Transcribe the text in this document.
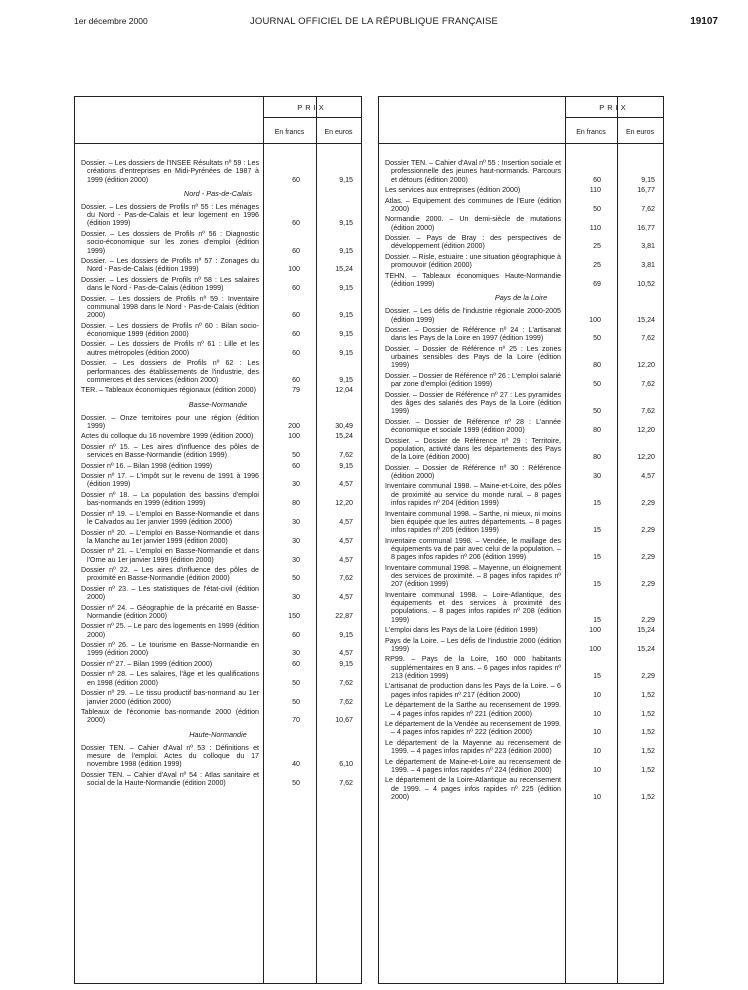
1er décembre 2000	JOURNAL OFFICIEL DE LA RÉPUBLIQUE FRANÇAISE	19107
PRIX
En francs	En euros
Dossier. – Les dossiers de l'INSEE Résultats nº 59 : Les créations d'entreprises en Midi-Pyrénées de 1987 à 1999 (édition 2000)	60	9,15
Nord - Pas-de-Calais
Dossier. – Les dossiers de Profils nº 55 : Les ménages du Nord - Pas-de-Calais et leur logement en 1996 (édition 1999)	60	9,15
Dossier. – Les dossiers de Profils nº 56 : Diagnostic socio-économique sur les zones d'emploi (édition 1999)	60	9,15
Dossier. – Les dossiers de Profils nº 57 : Zonages du Nord - Pas-de-Calais (édition 1999)	100	15,24
Dossier. – Les dossiers de Profils nº 58 : Les salaires dans le Nord - Pas-de-Calais (édition 1999)	60	9,15
Dossier. – Les dossiers de Profils nº 59 : Inventaire communal 1998 dans le Nord - Pas-de-Calais (édition 2000)	60	9,15
Dossier. – Les dossiers de Profils nº 60 : Bilan socio-économique 1999 (édition 2000)	60	9,15
Dossier. – Les dossiers de Profils nº 61 : Lille et les autres métropoles (édition 2000)	60	9,15
Dossier. – Les dossiers de Profils nº 62 : Les performances des établissements de l'industrie, des commerces et des services (édition 2000)	60	9,15
TER. – Tableaux économiques régionaux (édition 2000)	79	12,04
Basse-Normandie
Dossier. – Onze territoires pour une région (édition 1999)	200	30,49
Actes du colloque du 16 novembre 1999 (édition 2000)	100	15,24
Dossier nº 15. – Les aires d'influence des pôles de services en Basse-Normandie (édition 1999)	50	7,62
Dossier nº 16. – Bilan 1998 (édition 1999)	60	9,15
Dossier nº 17. – L'impôt sur le revenu de 1991 à 1996 (édition 1999)	30	4,57
Dossier nº 18. – La population des bassins d'emploi bas-normands en 1999 (édition 1999)	80	12,20
Dossier nº 19. – L'emploi en Basse-Normandie et dans le Calvados au 1er janvier 1999 (édition 2000)	30	4,57
Dossier nº 20. – L'emploi en Basse-Normandie et dans la Manche au 1er janvier 1999 (édition 2000)	30	4,57
Dossier nº 21. – L'emploi en Basse-Normandie et dans l'Orne au 1er janvier 1999 (édition 2000)	30	4,57
Dossier nº 22. – Les aires d'influence des pôles de proximité en Basse-Normandie (édition 2000)	50	7,62
Dossier nº 23. – Les statistiques de l'état-civil (édition 2000)	30	4,57
Dossier nº 24. – Géographie de la précarité en Basse-Normandie (édition 2000)	150	22,87
Dossier nº 25. – Le parc des logements en 1999 (édition 2000)	60	9,15
Dossier nº 26. – Le tourisme en Basse-Normandie en 1999 (édition 2000)	30	4,57
Dossier nº 27. – Bilan 1999 (édition 2000)	60	9,15
Dossier nº 28. – Les salaires, l'âge et les qualifications en 1998 (édition 2000)	50	7,62
Dossier nº 29. – Le tissu productif bas-normand au 1er janvier 2000 (édition 2000)	50	7,62
Tableaux de l'économie bas-normande 2000 (édition 2000)	70	10,67
Haute-Normandie
Dossier TEN. – Cahier d'Aval nº 53 : Définitions et mesure de l'emploi. Actes du colloque du 17 novembre 1998 (édition 1999)	40	6,10
Dossier TEN. – Cahier d'Aval nº 54 : Atlas sanitaire et social de la Haute-Normandie (édition 2000)	50	7,62
PRIX
En francs	En euros
Dossier TEN. – Cahier d'Aval nº 55 : Insertion sociale et professionnelle des jeunes haut-normands. Parcours et détours (édition 2000)	60	9,15
Les services aux entreprises (édition 2000)	110	16,77
Atlas. – Equipement des communes de l'Eure (édition 2000)	50	7,62
Normandie 2000. – Un demi-siècle de mutations (édition 2000)	110	16,77
Dossier. – Pays de Bray : des perspectives de développement (édition 2000)	25	3,81
Dossier. – Risle, estuaire : une situation géographique à promouvoir (édition 2000)	25	3,81
TEHN. – Tableaux économiques Haute-Normandie (édition 1999)	69	10,52
Pays de la Loire
Dossier. – Les défis de l'industrie régionale 2000-2005 (édition 1999)	100	15,24
Dossier. – Dossier de Référence nº 24 : L'artisanat dans les Pays de la Loire en 1997 (édition 1999)	50	7,62
Dossier. – Dossier de Référence nº 25 : Les zones urbaines sensibles des Pays de la Loire (édition 1999)	80	12,20
Dossier. – Dossier de Référence nº 26 : L'emploi salarié par zone d'emploi (édition 1999)	50	7,62
Dossier. – Dossier de Référence nº 27 : Les pyramides des âges des salariés des Pays de la Loire (édition 1999)	50	7,62
Dossier. – Dossier de Référence nº 28 : L'année économique et sociale 1999 (édition 2000)	80	12,20
Dossier. – Dossier de Référence nº 29 : Territoire, population, activité dans les départements des Pays de la Loire (édition 2000)	80	12,20
Dossier. – Dossier de Référence nº 30 : Référence (édition 2000)	30	4,57
Inventaire communal 1998. – Maine-et-Loire, des pôles de proximité au service du monde rural. – 8 pages infos rapides nº 204 (édition 1999)	15	2,29
Inventaire communal 1998. – Sarthe, ni mieux, ni moins bien équipée que les autres départements. – 8 pages infos rapides nº 205 (édition 1999)	15	2,29
Inventaire communal 1998. – Vendée, le maillage des équipements va de pair avec celui de la population. – 8 pages infos rapides nº 206 (édition 1999)	15	2,29
Inventaire communal 1998. – Mayenne, un éloignement des services de proximité. – 8 pages infos rapides nº 207 (édition 1999)	15	2,29
Inventaire communal 1998. – Loire-Atlantique, des équipements et des services à proximité des populations. – 8 pages infos rapides nº 208 (édition 1999)	15	2,29
L'emploi dans les Pays de la Loire (édition 1999)	100	15,24
Pays de la Loire. – Les défis de l'industrie 2000 (édition 1999)	100	15,24
RP99. – Pays de la Loire, 160 000 habitants supplémentaires en 9 ans. – 6 pages infos rapides nº 213 (édition 1999)	15	2,29
L'artisanat de production dans les Pays de la Loire. – 6 pages infos rapides nº 217 (édition 2000)	10	1,52
Le département de la Sarthe au recensement de 1999. – 4 pages infos rapides nº 221 (édition 2000)	10	1,52
Le département de la Vendée au recensement de 1999. – 4 pages infos rapides nº 222 (édition 2000)	10	1,52
Le département de la Mayenne au recensement de 1999. – 4 pages infos rapides nº 223 (édition 2000)	10	1,52
Le département de Maine-et-Loire au recensement de 1999. – 4 pages infos rapides nº 224 (édition 2000)	10	1,52
Le département de la Loire-Atlantique au recensement de 1999. – 4 pages infos rapides nº 225 (édition 2000)	10	1,52
